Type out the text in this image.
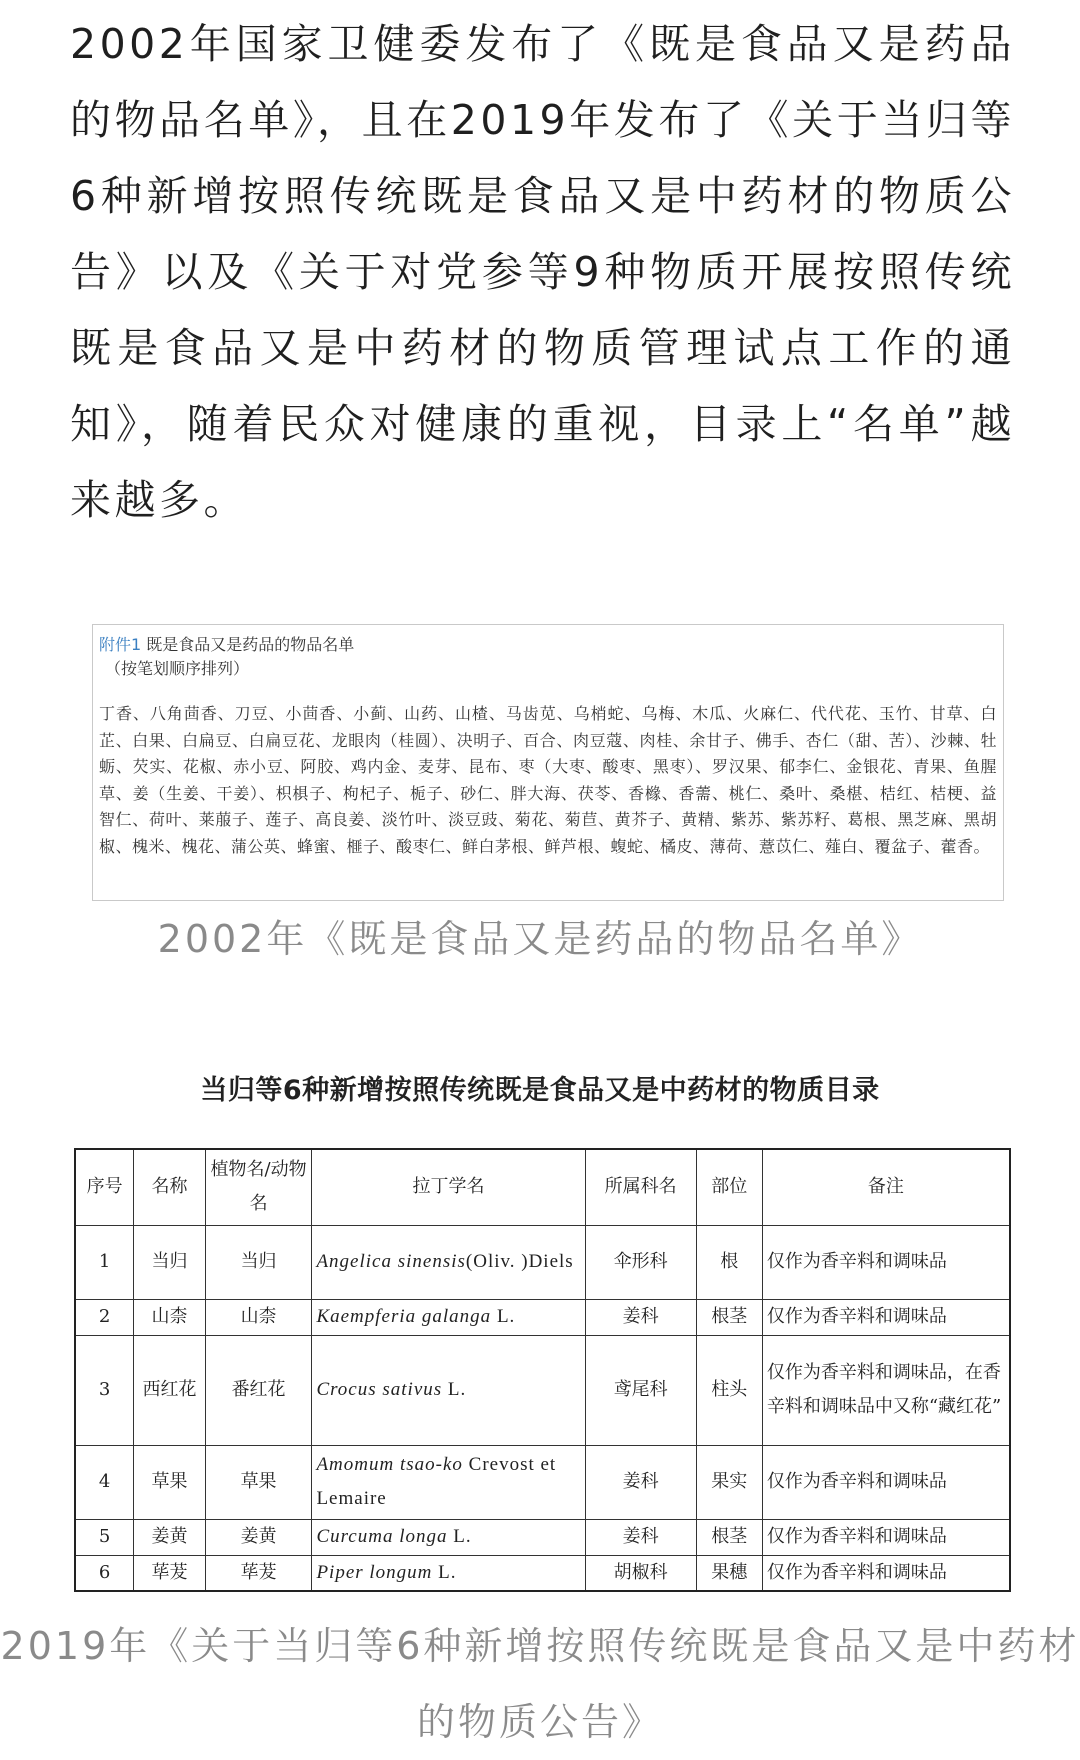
2002年国家卫健委发布了《既是食品又是药品的物品名单》，且在2019年发布了《关于当归等6种新增按照传统既是食品又是中药材的物质公告》以及《关于对党参等9种物质开展按照传统既是食品又是中药材的物质管理试点工作的通知》，随着民众对健康的重视，目录上“名单”越来越多。

附件1 既是食品又是药品的物品名单
（按笔划顺序排列）
丁香、八角茴香、刀豆、小茴香、小蓟、山药、山楂、马齿苋、乌梢蛇、乌梅、木瓜、火麻仁、代代花、玉竹、甘草、白芷、白果、白扁豆、白扁豆花、龙眼肉（桂圆）、决明子、百合、肉豆蔻、肉桂、余甘子、佛手、杏仁（甜、苦）、沙棘、牡蛎、芡实、花椒、赤小豆、阿胶、鸡内金、麦芽、昆布、枣（大枣、酸枣、黑枣）、罗汉果、郁李仁、金银花、青果、鱼腥草、姜（生姜、干姜）、枳椇子、枸杞子、栀子、砂仁、胖大海、茯苓、香橼、香薷、桃仁、桑叶、桑椹、桔红、桔梗、益智仁、荷叶、莱菔子、莲子、高良姜、淡竹叶、淡豆豉、菊花、菊苣、黄芥子、黄精、紫苏、紫苏籽、葛根、黑芝麻、黑胡椒、槐米、槐花、蒲公英、蜂蜜、榧子、酸枣仁、鲜白茅根、鲜芦根、蝮蛇、橘皮、薄荷、薏苡仁、薤白、覆盆子、藿香。

2002年《既是食品又是药品的物品名单》

当归等6种新增按照传统既是食品又是中药材的物质目录
序号	名称	植物名/动物名	拉丁学名	所属科名	部位	备注
1	当归	当归	Angelica sinensis(Oliv. )Diels	伞形科	根	仅作为香辛料和调味品
2	山柰	山柰	Kaempferia galanga L.	姜科	根茎	仅作为香辛料和调味品
3	西红花	番红花	Crocus sativus L.	鸢尾科	柱头	仅作为香辛料和调味品，在香辛料和调味品中又称“藏红花”
4	草果	草果	Amomum tsao-ko Crevost et Lemaire	姜科	果实	仅作为香辛料和调味品
5	姜黄	姜黄	Curcuma longa L.	姜科	根茎	仅作为香辛料和调味品
6	荜茇	荜茇	Piper longum L.	胡椒科	果穗	仅作为香辛料和调味品

2019年《关于当归等6种新增按照传统既是食品又是中药材的物质公告》
